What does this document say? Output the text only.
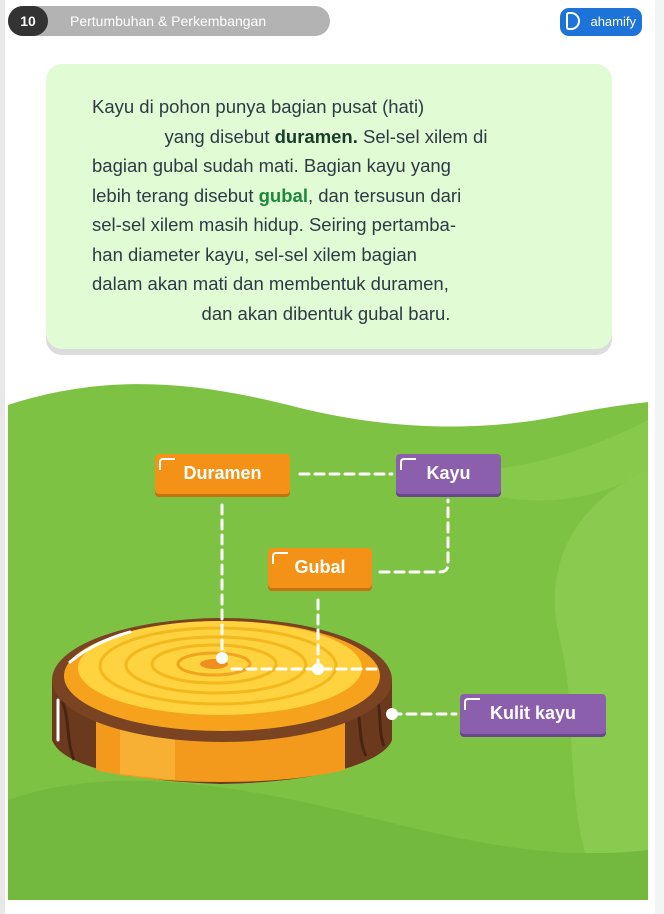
10	Pertumbuhan & Perkembangan	ahamify
Kayu di pohon punya bagian pusat (hati)
yang disebut duramen. Sel-sel xilem di
bagian gubal sudah mati. Bagian kayu yang
lebih terang disebut gubal, dan tersusun dari
sel-sel xilem masih hidup. Seiring pertamba-
han diameter kayu, sel-sel xilem bagian
dalam akan mati dan membentuk duramen,
dan akan dibentuk gubal baru.
Duramen	Kayu
Gubal
Kulit kayu
